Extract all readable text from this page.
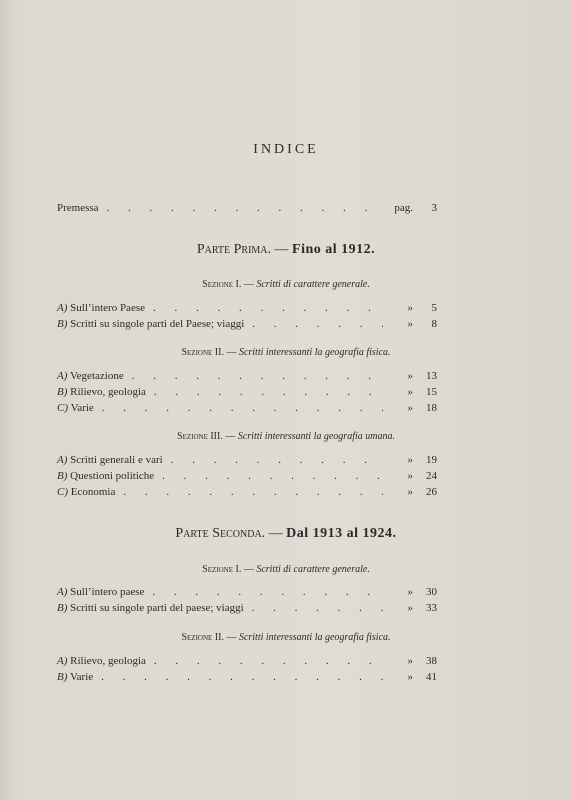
INDICE
Premessa . . .	pag.	3
Parte Prima. — Fino al 1912.
Sezione I. — Scritti di carattere generale.
A) Sull’intero Paese . . .	»	5
B) Scritti su singole parti del Paese; viaggi . . .	»	8
Sezione II. — Scritti interessanti la geografia fisica.
A) Vegetazione . . .	»	13
B) Rilievo, geologia . . .	»	15
C) Varie . . .	»	18
Sezione III. — Scritti interessanti la geografia umana.
A) Scritti generali e vari . . .	»	19
B) Questioni politiche . . .	»	24
C) Economia . . .	»	26
Parte Seconda. — Dal 1913 al 1924.
Sezione I. — Scritti di carattere generale.
A) Sull’intero paese . . .	»	30
B) Scritti su singole parti del paese; viaggi . . .	»	33
Sezione II. — Scritti interessanti la geografia fisica.
A) Rilievo, geologia . . .	»	38
B) Varie . . .	»	41
